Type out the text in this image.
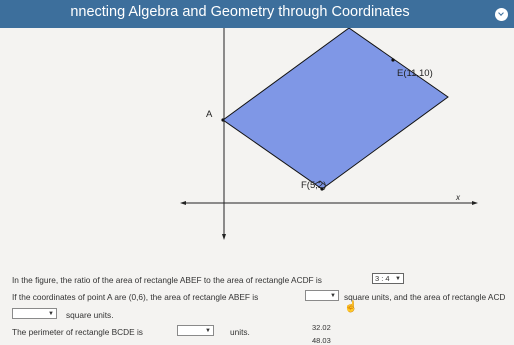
nnecting Algebra and Geometry through Coordinates
A
E(11,10)
F(5,2)
x
In the figure, the ratio of the area of rectangle ABEF to the area of rectangle ACDF is	3 : 4 ▼
If the coordinates of point A are (0,6), the area of rectangle ABEF is	▼ square units, and the area of rectangle ACD
▼ square units.
The perimeter of rectangle BCDE is	▼ units.	32.02
48.03
☝
